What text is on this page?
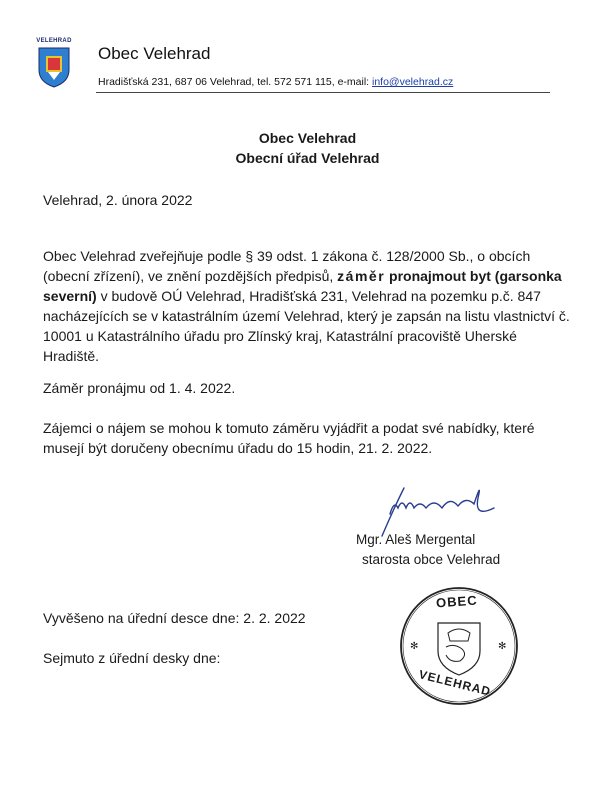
VELEHRAD
Obec Velehrad
Hradišťská 231, 687 06 Velehrad, tel. 572 571 115, e-mail: info@velehrad.cz
Obec Velehrad
Obecní úřad Velehrad
Velehrad, 2. února 2022
Obec Velehrad zveřejňuje podle § 39 odst. 1 zákona č. 128/2000 Sb., o obcích (obecní zřízení), ve znění pozdějších předpisů, záměr pronajmout byt (garsonka severní) v budově OÚ Velehrad, Hradišťská 231, Velehrad na pozemku p.č. 847 nacházejících se v katastrálním území Velehrad, který je zapsán na listu vlastnictví č. 10001 u Katastrálního úřadu pro Zlínský kraj, Katastrální pracoviště Uherské Hradiště.
Záměr pronájmu od 1. 4. 2022.
Zájemci o nájem se mohou k tomuto záměru vyjádřit a podat své nabídky, které musejí být doručeny obecnímu úřadu do 15 hodin, 21. 2. 2022.
Mgr. Aleš Mergental
starosta obce Velehrad
✻	✻
OBEC
VELEHRAD
Vyvěšeno na úřední desce dne: 2. 2. 2022
Sejmuto z úřední desky dne:
